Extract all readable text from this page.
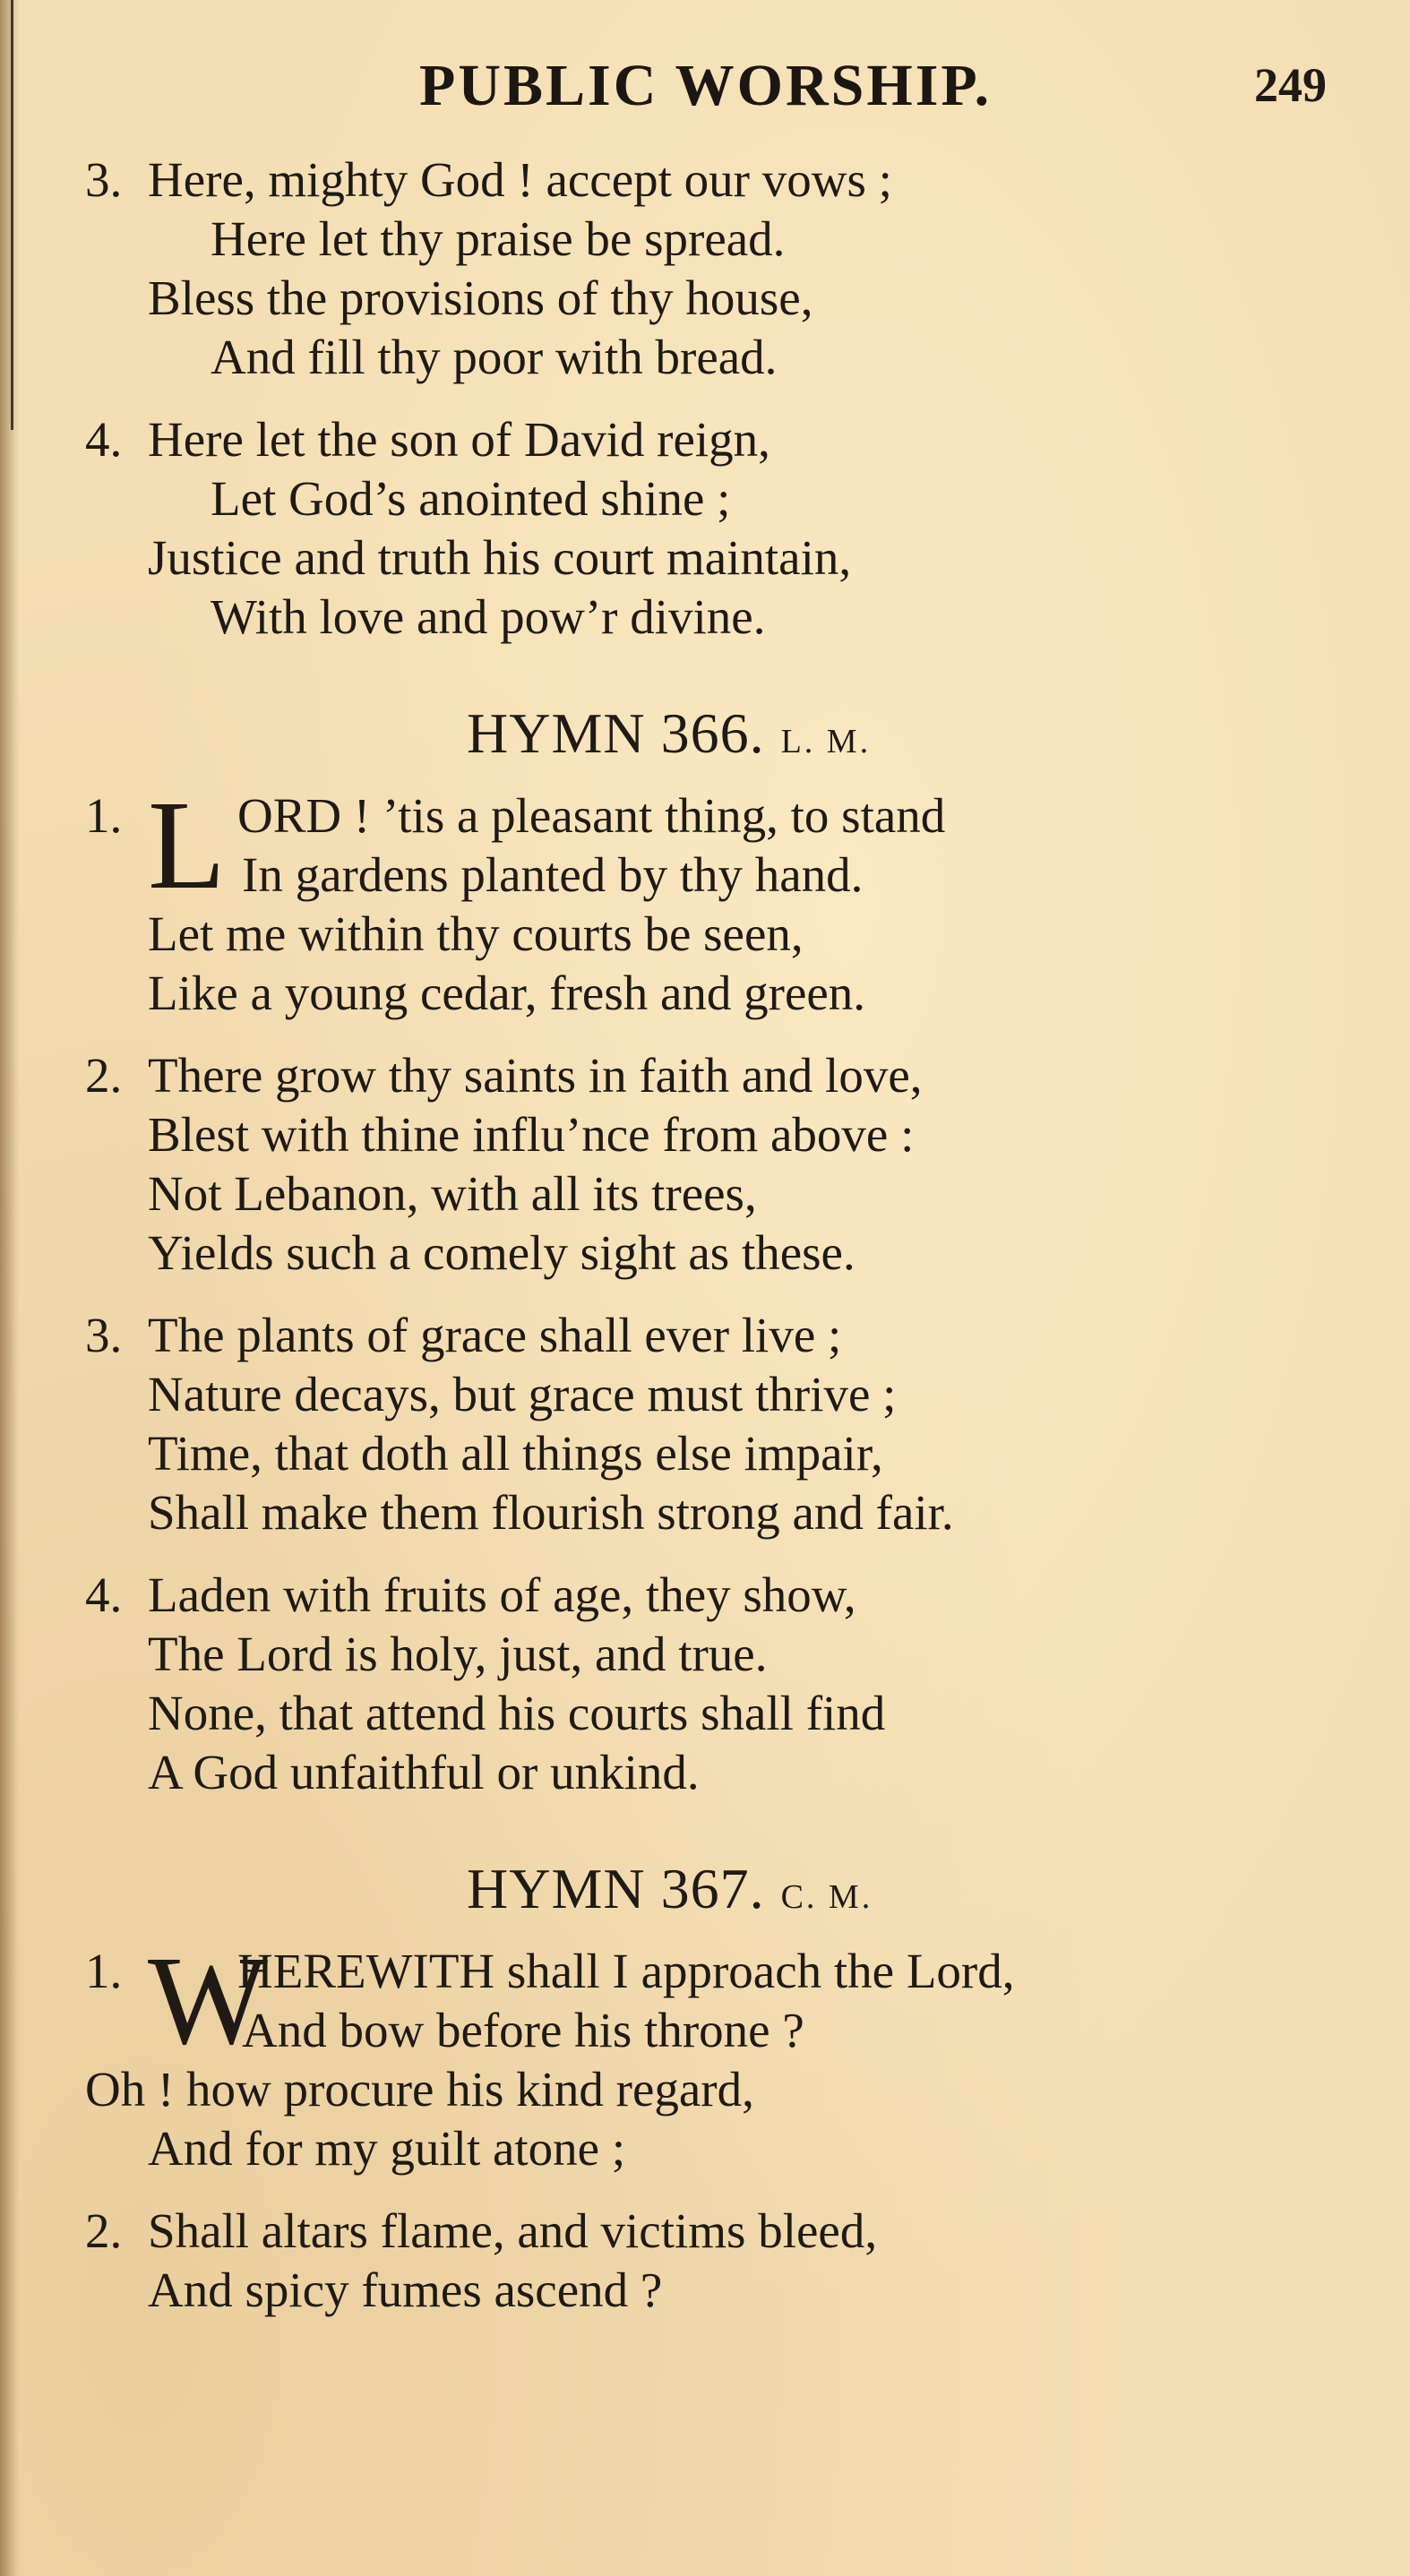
PUBLIC WORSHIP.	249
3. Here, mighty God ! accept our vows ;
Here let thy praise be spread.
Bless the provisions of thy house,
And fill thy poor with bread.
4. Here let the son of David reign,
Let God’s anointed shine ;
Justice and truth his court maintain,
With love and pow’r divine.
HYMN 366. L. M.
1. L ORD ! ’tis a pleasant thing, to stand
In gardens planted by thy hand.
Let me within thy courts be seen,
Like a young cedar, fresh and green.
2. There grow thy saints in faith and love,
Blest with thine influ’nce from above :
Not Lebanon, with all its trees,
Yields such a comely sight as these.
3. The plants of grace shall ever live ;
Nature decays, but grace must thrive ;
Time, that doth all things else impair,
Shall make them flourish strong and fair.
4. Laden with fruits of age, they show,
The Lord is holy, just, and true.
None, that attend his courts shall find
A God unfaithful or unkind.
HYMN 367. C. M.
1. W
HEREWITH shall I approach the Lord,
And bow before his throne ?
Oh ! how procure his kind regard,
And for my guilt atone ;
2. Shall altars flame, and victims bleed,
And spicy fumes ascend ?
